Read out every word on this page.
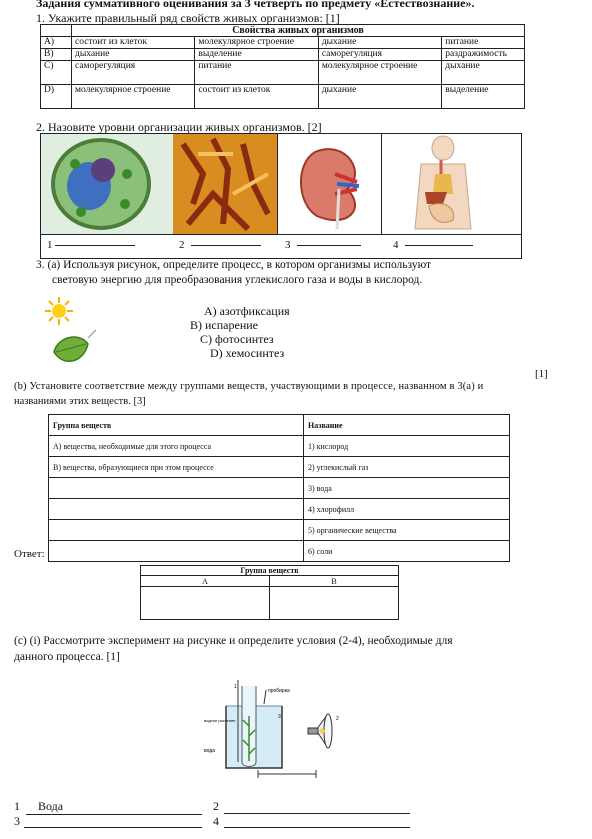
Задания суммативного оценивания за 3 четверть по предмету «Естествознание».
1. Укажите правильный ряд свойств живых организмов: [1]
	Свойства живых организмов			
A)	состоит из клеток	молекулярное строение	дыхание	питание
B)	дыхание	выделение	саморегуляция	раздражимость
C)	саморегуляция	питание	молекулярное строение	дыхание
D)	молекулярное строение	состоит из клеток	дыхание	выделение
2. Назовите уровни организации живых организмов. [2]
1	2	3	4
3. (a) Используя рисунок, определите процесс, в котором организмы используют
световую энергию для преобразования углекислого газа и воды в кислород.
A) азотфиксация
B) испарение
C) фотосинтез
D) хемосинтез
[1]
(b) Установите соответствие между группами веществ, участвующими в процессе, названном в 3(а) и
названиями этих веществ. [3]
Группа веществ	Название
А) вещества, необходимые для этого процесса	1) кислород
В) вещества, образующиеся при этом процессе	2) углекислый газ
	3) вода
	4) хлорофилл
	5) органические вещества
	6) соли
Ответ:
Группа веществ	
А	В

(c) (i) Рассмотрите эксперимент на рисунке и определите условия (2-4), необходимые для
данного процесса. [1]
пробирка
водное растение
вода
1
3	2
1	Вода	2
3	4
